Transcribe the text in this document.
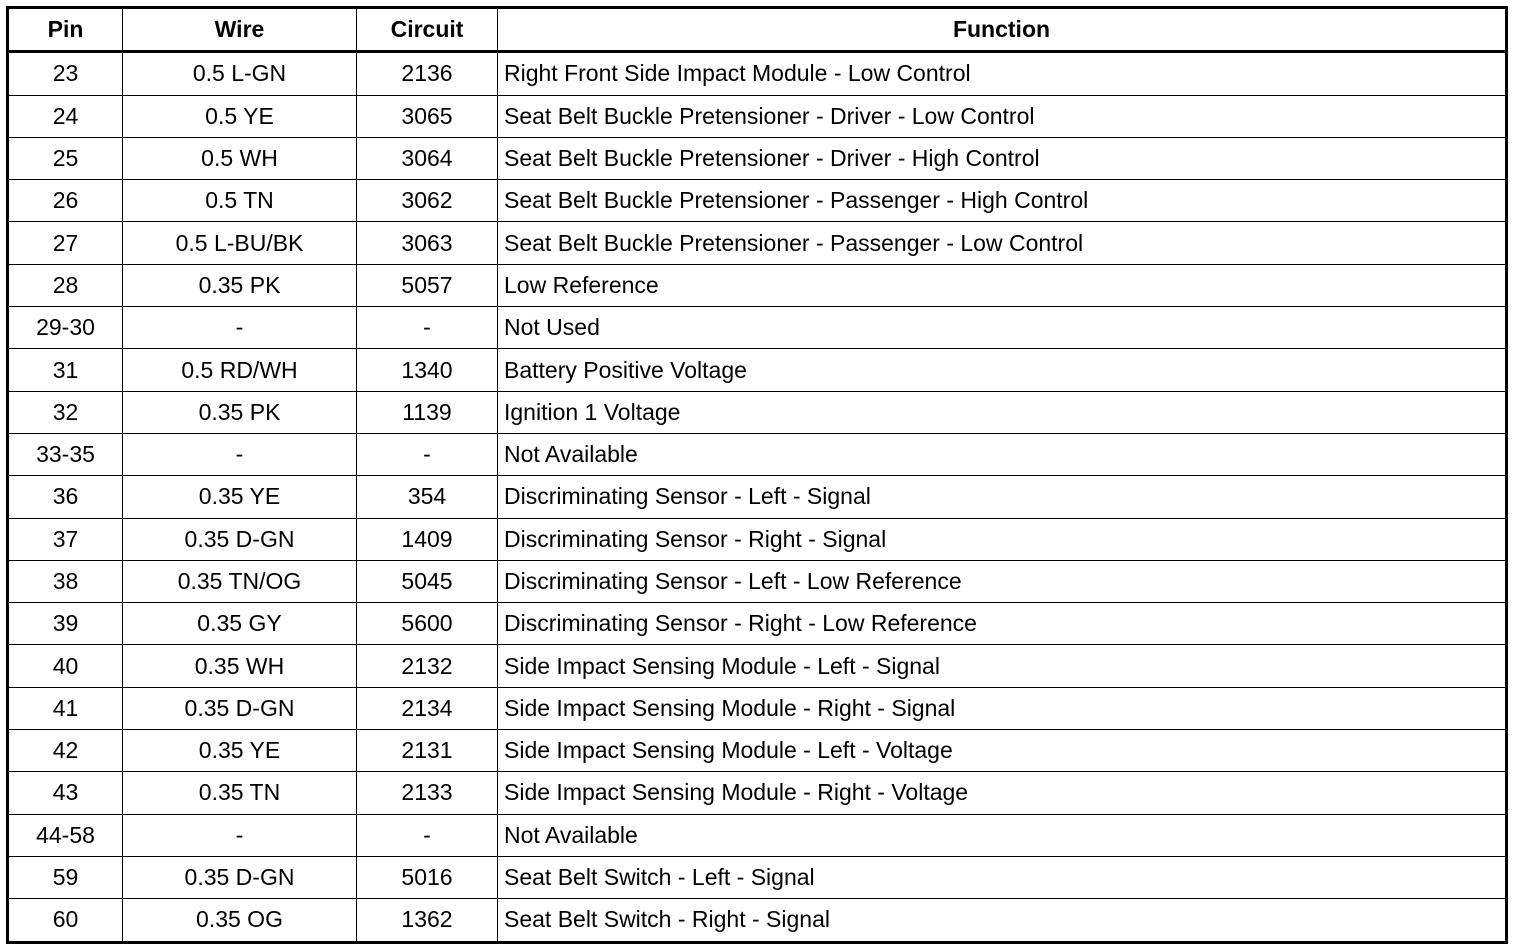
Pin	Wire	Circuit	Function
23	0.5 L-GN	2136	Right Front Side Impact Module - Low Control
24	0.5 YE	3065	Seat Belt Buckle Pretensioner - Driver - Low Control
25	0.5 WH	3064	Seat Belt Buckle Pretensioner - Driver - High Control
26	0.5 TN	3062	Seat Belt Buckle Pretensioner - Passenger - High Control
27	0.5 L-BU/BK	3063	Seat Belt Buckle Pretensioner - Passenger - Low Control
28	0.35 PK	5057	Low Reference
29-30	-	-	Not Used
31	0.5 RD/WH	1340	Battery Positive Voltage
32	0.35 PK	1139	Ignition 1 Voltage
33-35	-	-	Not Available
36	0.35 YE	354	Discriminating Sensor - Left - Signal
37	0.35 D-GN	1409	Discriminating Sensor - Right - Signal
38	0.35 TN/OG	5045	Discriminating Sensor - Left - Low Reference
39	0.35 GY	5600	Discriminating Sensor - Right - Low Reference
40	0.35 WH	2132	Side Impact Sensing Module - Left - Signal
41	0.35 D-GN	2134	Side Impact Sensing Module - Right - Signal
42	0.35 YE	2131	Side Impact Sensing Module - Left - Voltage
43	0.35 TN	2133	Side Impact Sensing Module - Right - Voltage
44-58	-	-	Not Available
59	0.35 D-GN	5016	Seat Belt Switch - Left - Signal
60	0.35 OG	1362	Seat Belt Switch - Right - Signal
